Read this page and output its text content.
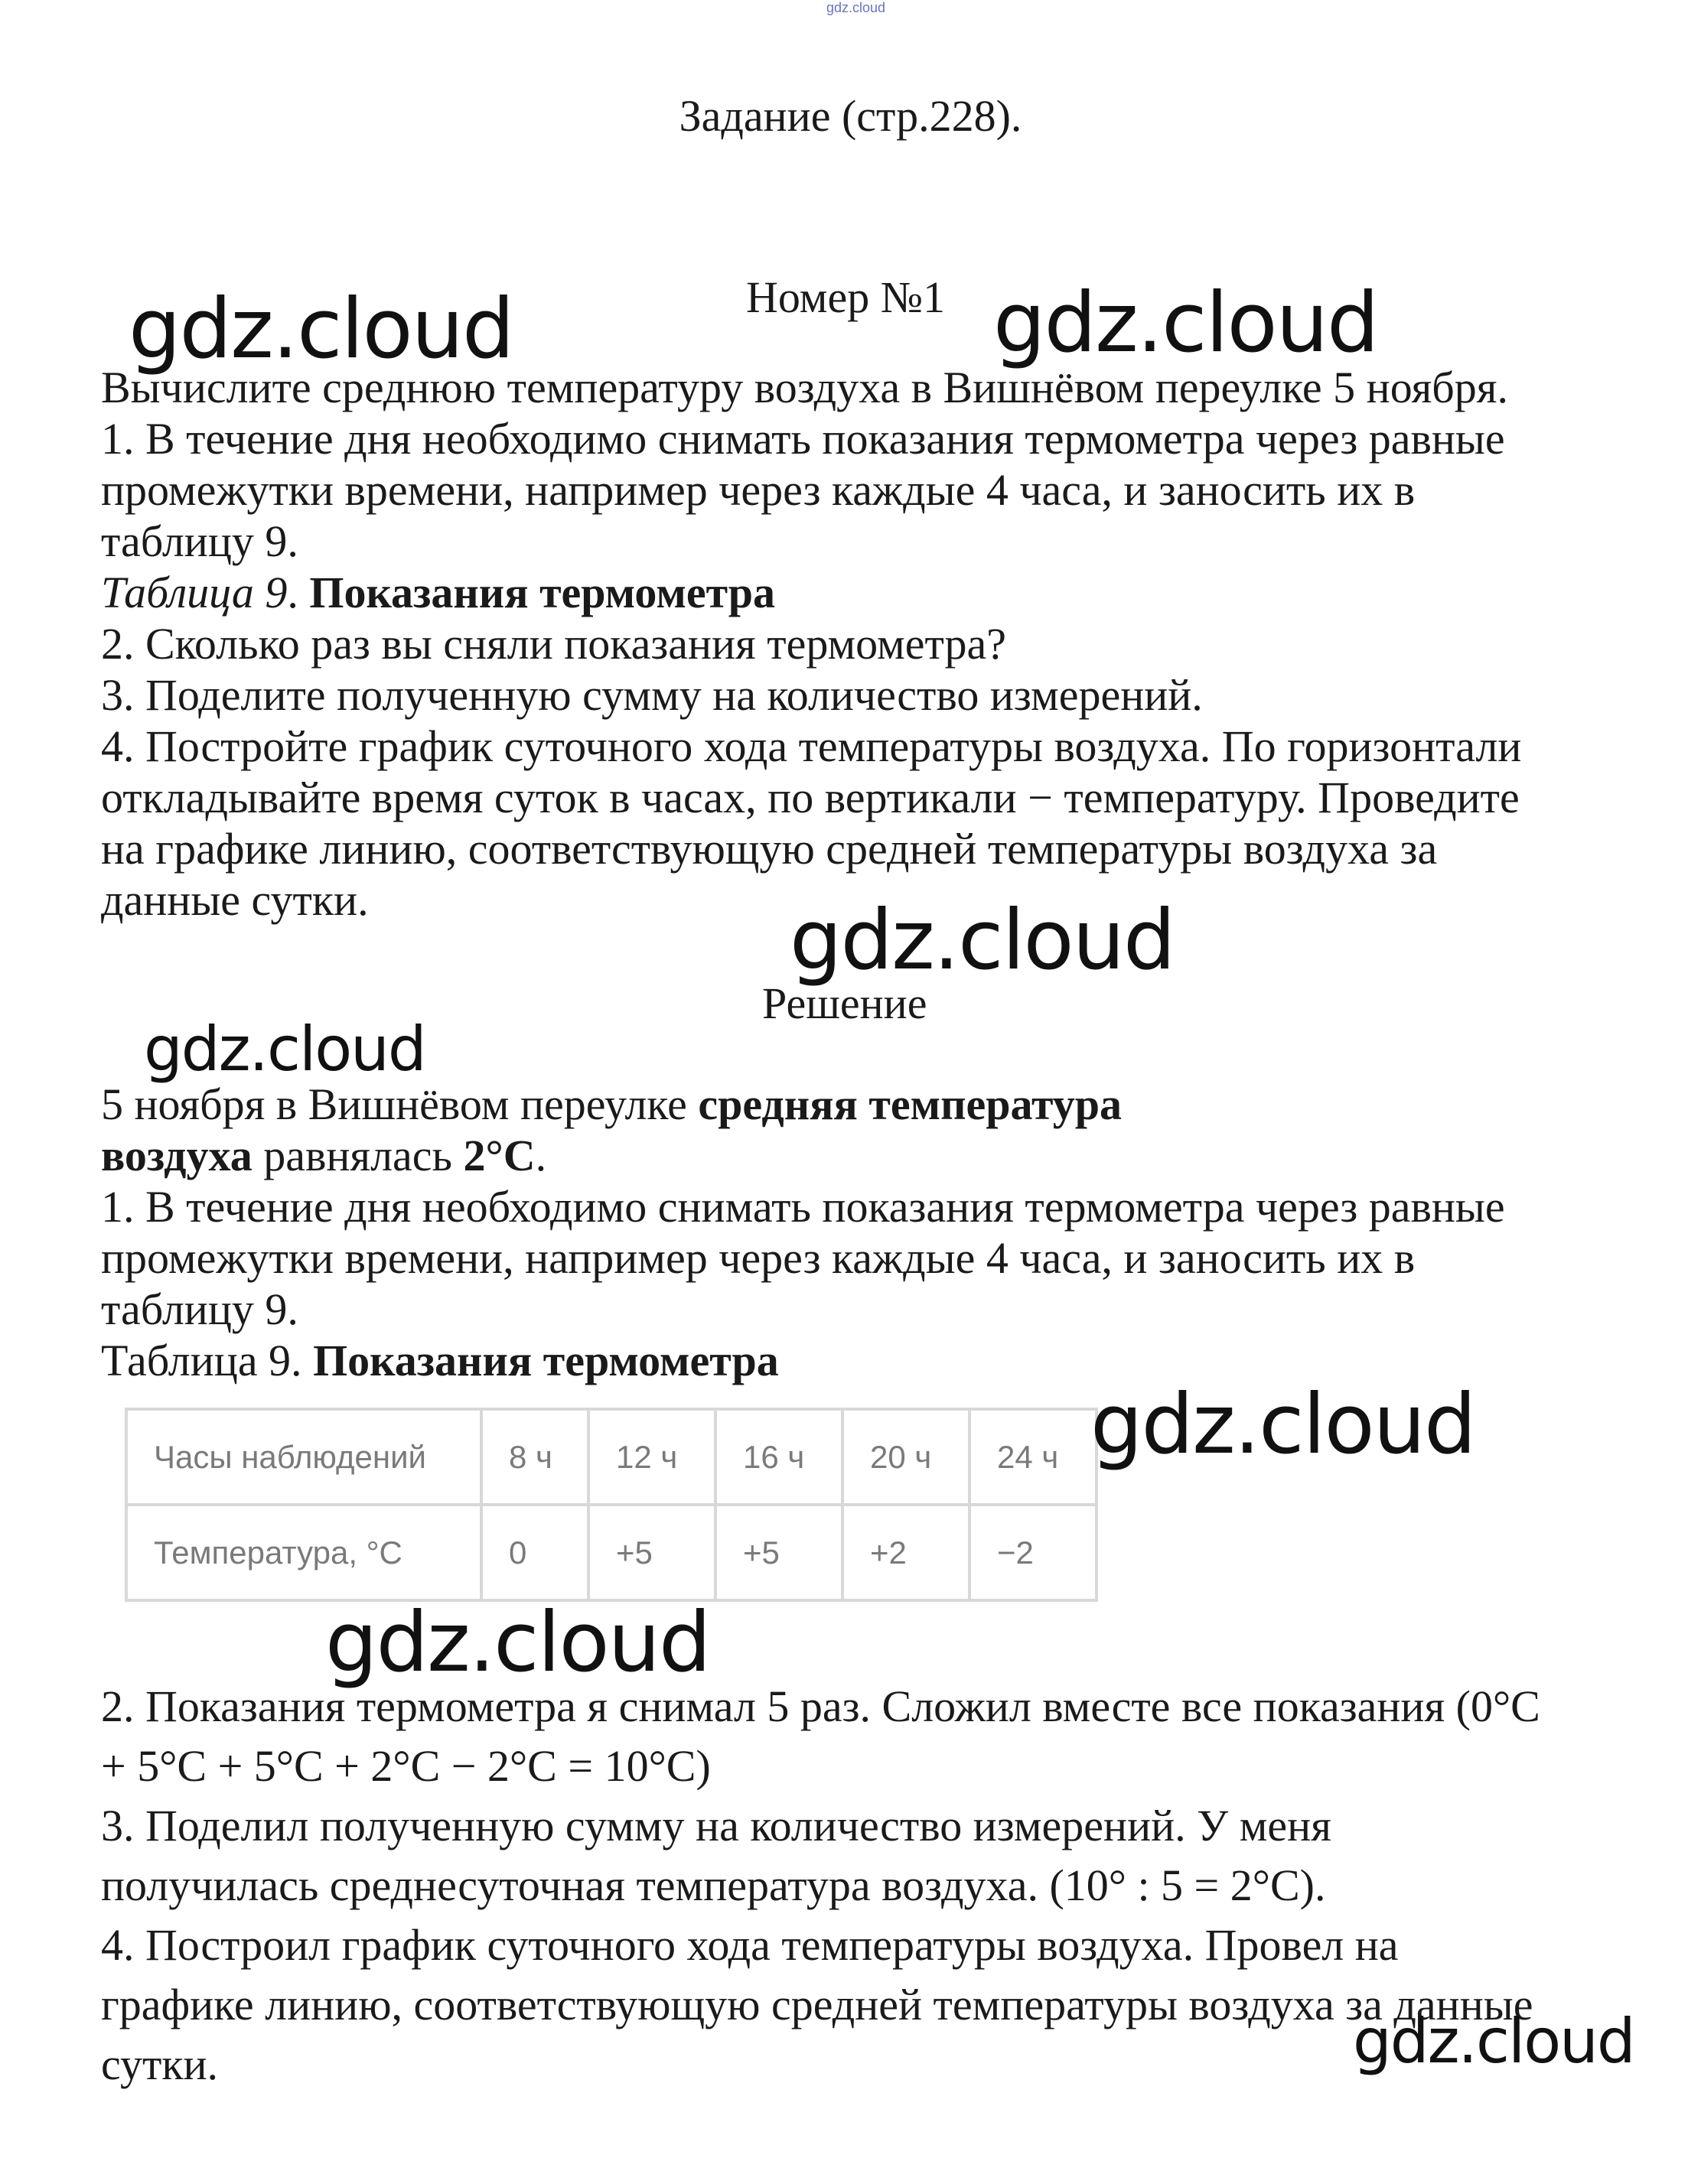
gdz.cloud
Задание (стр.228).
Номер №1
Вычислите среднюю температуру воздуха в Вишнёвом переулке 5 ноября.
1. В течение дня необходимо снимать показания термометра через равные
промежутки времени, например через каждые 4 часа, и заносить их в
таблицу 9.
Таблица 9. Показания термометра
2. Сколько раз вы сняли показания термометра?
3. Поделите полученную сумму на количество измерений.
4. Постройте график суточного хода температуры воздуха. По горизонтали
откладывайте время суток в часах, по вертикали − температуру. Проведите
на графике линию, соответствующую средней температуры воздуха за
данные сутки.
Решение
5 ноября в Вишнёвом переулке средняя температура
воздуха равнялась 2°C.
1. В течение дня необходимо снимать показания термометра через равные
промежутки времени, например через каждые 4 часа, и заносить их в
таблицу 9.
Таблица 9. Показания термометра
Часы наблюдений	8 ч	12 ч	16 ч	20 ч	24 ч
Температура, °C	0	+5	+5	+2	−2
2. Показания термометра я снимал 5 раз. Сложил вместе все показания (0°C
+ 5°C + 5°C + 2°C − 2°C = 10°C)
3. Поделил полученную сумму на количество измерений. У меня
получилась среднесуточная температура воздуха. (10° : 5 = 2°C).
4. Построил график суточного хода температуры воздуха. Провел на
графике линию, соответствующую средней температуры воздуха за данные
сутки.
gdz.cloud	gdz.cloud
gdz.cloud
gdz.cloud
gdz.cloud
gdz.cloud
gdz.cloud
